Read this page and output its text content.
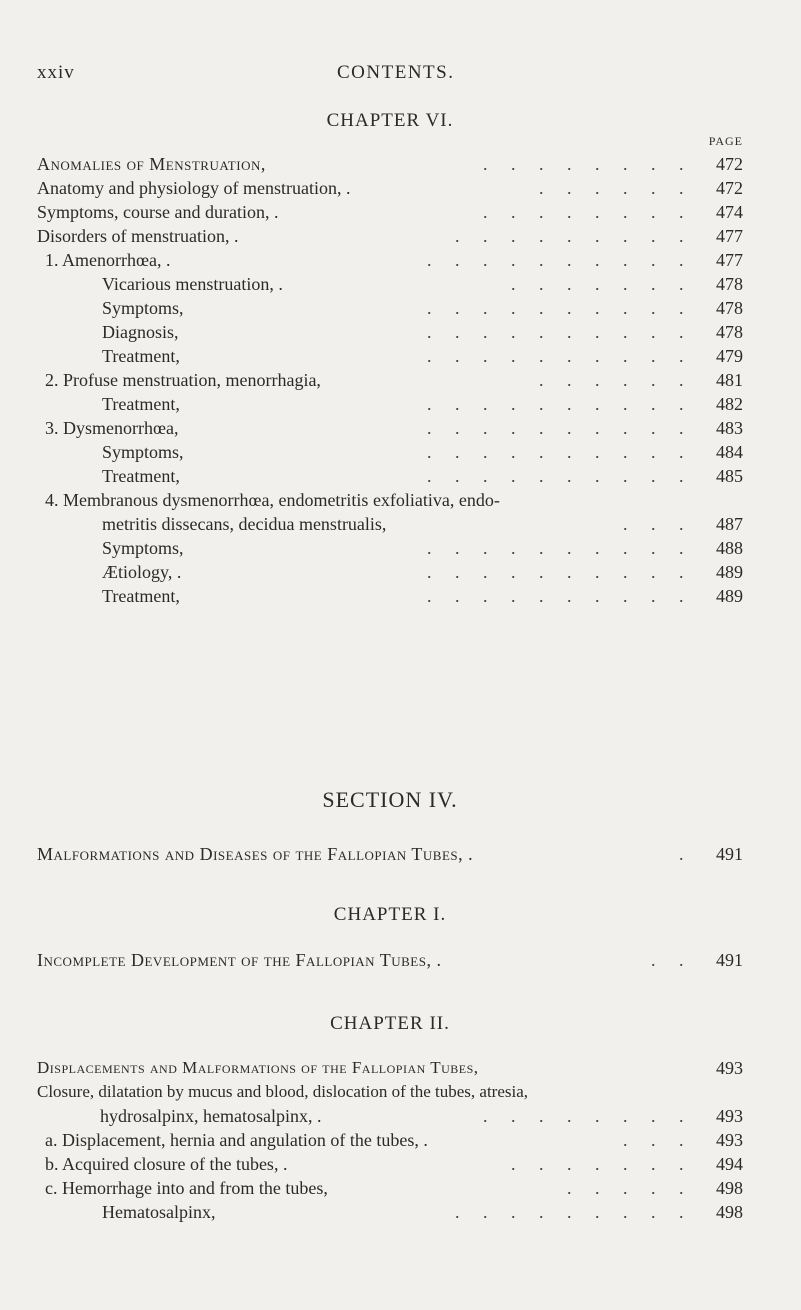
xxiv	CONTENTS.
CHAPTER VI.
PAGE
Anomalies of Menstruation,	. . . . . . . .	472
Anatomy and physiology of menstruation, .	. . . . . .	472
Symptoms, course and duration, .	. . . . . . . .	474
Disorders of menstruation, .	. . . . . . . . .	477
1. Amenorrhœa, .	. . . . . . . . . .	477
Vicarious menstruation, .	. . . . . . .	478
Symptoms,	. . . . . . . . . .	478
Diagnosis,	. . . . . . . . . .	478
Treatment,	. . . . . . . . . .	479
2. Profuse menstruation, menorrhagia,	. . . . . .	481
Treatment,	. . . . . . . . . .	482
3. Dysmenorrhœa,	. . . . . . . . . .	483
Symptoms,	. . . . . . . . . .	484
Treatment,	. . . . . . . . . .	485
4. Membranous dysmenorrhœa, endometritis exfoliativa, endo-
metritis dissecans, decidua menstrualis,	. . .	487
Symptoms,	. . . . . . . . . .	488
Ætiology, .	. . . . . . . . . .	489
Treatment,	. . . . . . . . . .	489
SECTION IV.
Malformations and Diseases of the Fallopian Tubes, .	.	491
CHAPTER I.
Incomplete Development of the Fallopian Tubes, .	. .	491
CHAPTER II.
Displacements and Malformations of the Fallopian Tubes,	493
Closure, dilatation by mucus and blood, dislocation of the tubes, atresia,
hydrosalpinx, hematosalpinx, .	. . . . . . . .	493
a. Displacement, hernia and angulation of the tubes, .	. . .	493
b. Acquired closure of the tubes, .	. . . . . . .	494
c. Hemorrhage into and from the tubes,	. . . . .	498
Hematosalpinx,	. . . . . . . . .	498
